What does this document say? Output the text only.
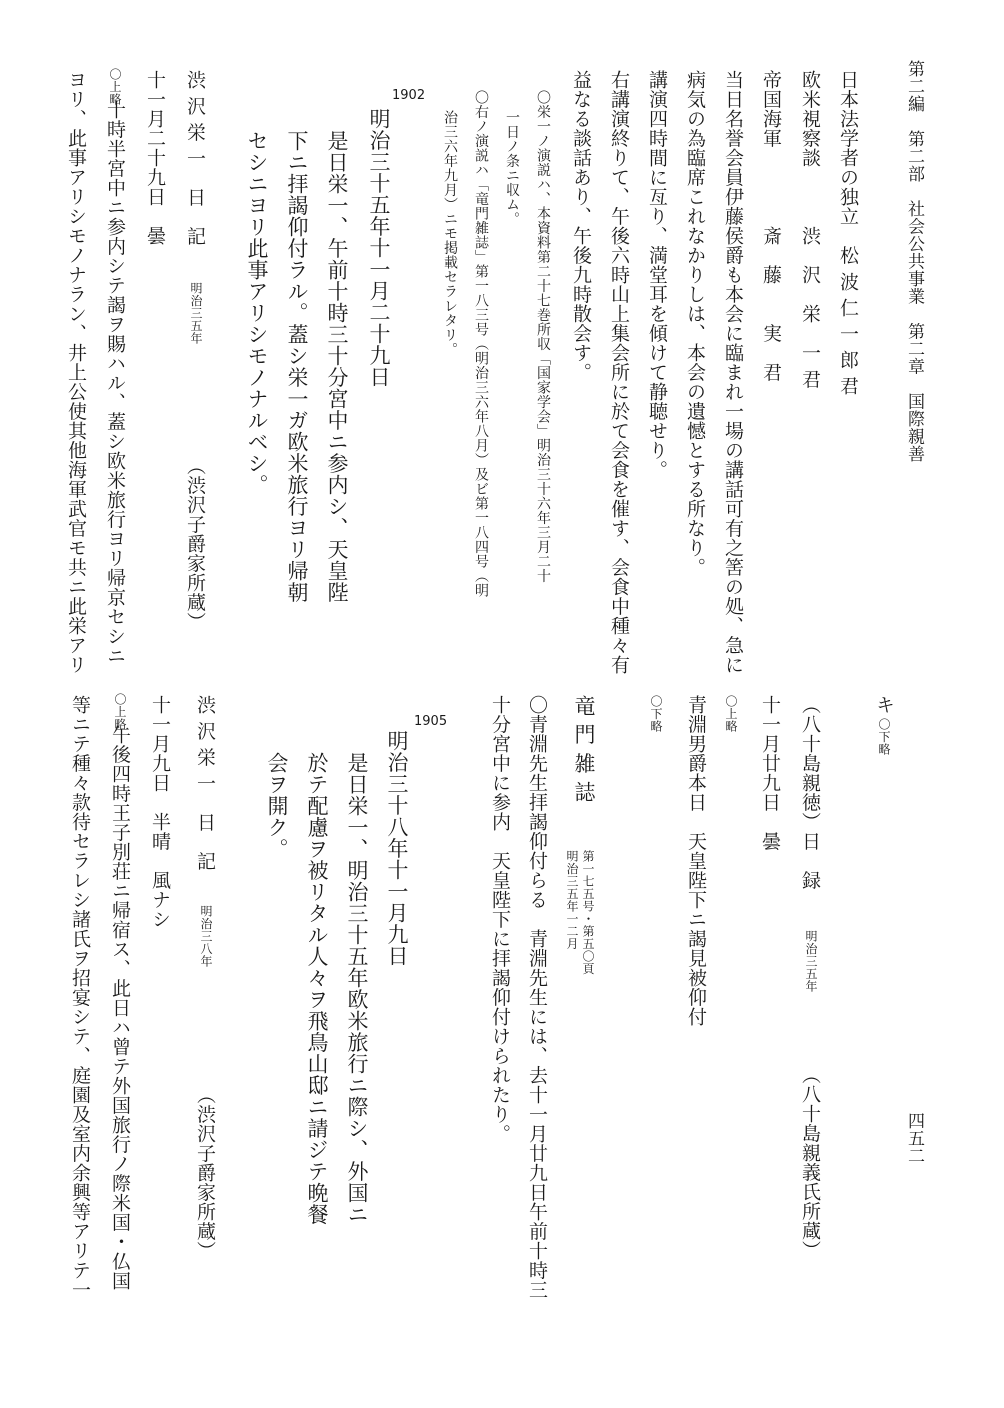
第二編　第二部　社会公共事業　第二章　国際親善
四五二
日本法学者の独立　松 波 仁 一 郎 君
欧米視察談　　　渋　沢　栄　一 君
帝国海軍　　　　斎　藤　　実　君
当日名誉会員伊藤侯爵も本会に臨まれ一場の講話可有之筈の処、急に
病気の為臨席これなかりしは、本会の遺憾とする所なり。
講演四時間に亙り、満堂耳を傾けて静聴せり。
右講演終りて、午後六時山上集会所に於て会食を催す、会食中種々有
益なる談話あり、午後九時散会す。
〇栄一ノ演説ハ、本資料第二十七巻所収「国家学会」明治三十六年三月二十
一日ノ条ニ収ム。
〇右ノ演説ハ「竜門雑誌」第一八三号（明治三六年八月）及ビ第一八四号（明
治三六年九月）ニモ掲載セラレタリ。
1902
明治三十五年十一月二十九日
是日栄一、午前十時三十分宮中ニ参内シ、天皇陛
下ニ拝謁仰付ラル。蓋シ栄一ガ欧米旅行ヨリ帰朝
セシニヨリ此事アリシモノナルベシ。
渋 沢 栄 一　日　記
明治三五年
（渋沢子爵家所蔵）
十一月二十九日　曇
〇上略
十時半宮中ニ参内シテ謁ヲ賜ハル、蓋シ欧米旅行ヨリ帰京セシニ
ヨリ、此事アリシモノナラン、井上公使其他海軍武官モ共ニ此栄アリ
キ
〇下略
（八十島親徳）日　録
明治三五年
（八十島親義氏所蔵）
十一月廿九日　曇
〇上略
青淵男爵本日　天皇陛下ニ謁見被仰付
〇下略
竜 門 雑 誌
第一七五号・第五〇頁
明治三五年一二月
〇青淵先生拝謁仰付らる　青淵先生には、去十一月廿九日午前十時三
十分宮中に参内　天皇陛下に拝謁仰付けられたり。
1905
明治三十八年十一月九日
是日栄一、明治三十五年欧米旅行ニ際シ、外国ニ
於テ配慮ヲ被リタル人々ヲ飛鳥山邸ニ請ジテ晩餐
会ヲ開ク。
渋 沢 栄 一　日　記
明治三八年
（渋沢子爵家所蔵）
十一月九日　半晴　風ナシ
〇上略
午後四時王子別荘ニ帰宿ス、此日ハ曾テ外国旅行ノ際米国・仏国
等ニテ種々款待セラレシ諸氏ヲ招宴シテ、庭園及室内余興等アリテ一
